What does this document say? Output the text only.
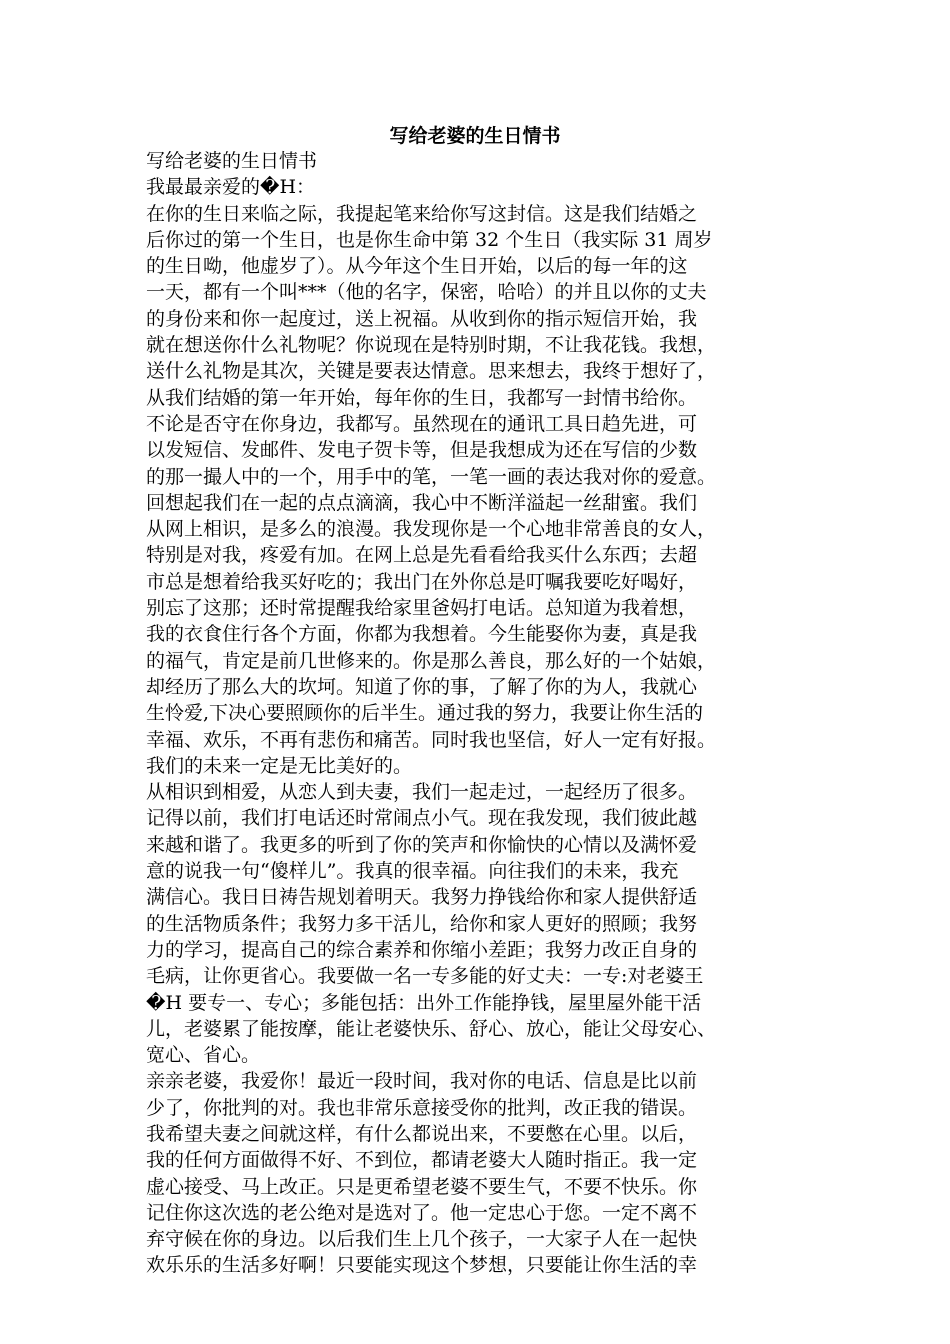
写给老婆的生日情书

写给老婆的生日情书

我最最亲爱的�H：

在你的生日来临之际，我提起笔来给你写这封信。这是我们结婚之

后你过的第一个生日，也是你生命中第 32 个生日（我实际 31 周岁

的生日呦，他虚岁了）。从今年这个生日开始，以后的每一年的这

一天，都有一个叫***（他的名字，保密，哈哈）的并且以你的丈夫

的身份来和你一起度过，送上祝福。从收到你的指示短信开始，我

就在想送你什么礼物呢？你说现在是特别时期，不让我花钱。我想，

送什么礼物是其次，关键是要表达情意。思来想去，我终于想好了，

从我们结婚的第一年开始，每年你的生日，我都写一封情书给你。

不论是否守在你身边，我都写。虽然现在的通讯工具日趋先进，可

以发短信、发邮件、发电子贺卡等，但是我想成为还在写信的少数

的那一撮人中的一个，用手中的笔，一笔一画的表达我对你的爱意。

回想起我们在一起的点点滴滴，我心中不断洋溢起一丝甜蜜。我们

从网上相识，是多么的浪漫。我发现你是一个心地非常善良的女人，

特别是对我，疼爱有加。在网上总是先看看给我买什么东西；去超

市总是想着给我买好吃的；我出门在外你总是叮嘱我要吃好喝好，

别忘了这那；还时常提醒我给家里爸妈打电话。总知道为我着想，

我的衣食住行各个方面，你都为我想着。今生能娶你为妻，真是我

的福气，肯定是前几世修来的。你是那么善良，那么好的一个姑娘，

却经历了那么大的坎坷。知道了你的事，了解了你的为人，我就心

生怜爱,下决心要照顾你的后半生。通过我的努力，我要让你生活的

幸福、欢乐，不再有悲伤和痛苦。同时我也坚信，好人一定有好报。

我们的未来一定是无比美好的。

从相识到相爱，从恋人到夫妻，我们一起走过，一起经历了很多。

记得以前，我们打电话还时常闹点小气。现在我发现，我们彼此越

来越和谐了。我更多的听到了你的笑声和你愉快的心情以及满怀爱

意的说我一句“傻样儿”。我真的很幸福。向往我们的未来，我充

满信心。我日日祷告规划着明天。我努力挣钱给你和家人提供舒适

的生活物质条件；我努力多干活儿，给你和家人更好的照顾；我努

力的学习，提高自己的综合素养和你缩小差距；我努力改正自身的

毛病，让你更省心。我要做一名一专多能的好丈夫：一专:对老婆王

�H 要专一、专心；多能包括：出外工作能挣钱，屋里屋外能干活

儿，老婆累了能按摩，能让老婆快乐、舒心、放心，能让父母安心、

宽心、省心。

亲亲老婆，我爱你！最近一段时间，我对你的电话、信息是比以前

少了，你批判的对。我也非常乐意接受你的批判，改正我的错误。

我希望夫妻之间就这样，有什么都说出来，不要憋在心里。以后，

我的任何方面做得不好、不到位，都请老婆大人随时指正。我一定

虚心接受、马上改正。只是更希望老婆不要生气，不要不快乐。你

记住你这次选的老公绝对是选对了。他一定忠心于您。一定不离不

弃守候在你的身边。以后我们生上几个孩子，一大家子人在一起快

欢乐乐的生活多好啊！只要能实现这个梦想，只要能让你生活的幸
